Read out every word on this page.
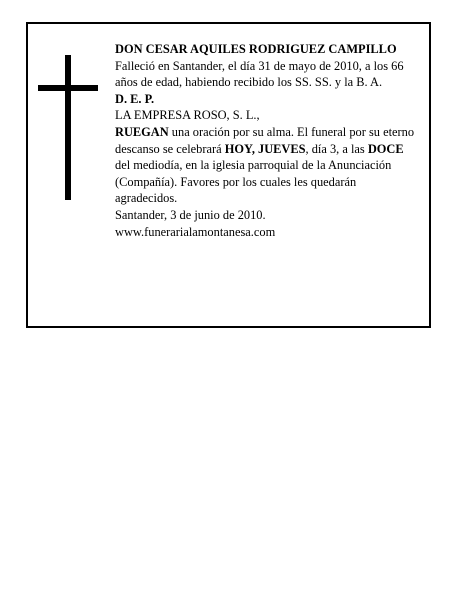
DON CESAR AQUILES RODRIGUEZ CAMPILLO

Falleció en Santander, el día 31 de mayo de 2010, a los 66 años de edad, habiendo recibido los SS. SS. y la B. A.

D. E. P.

LA EMPRESA ROSO, S. L.,

RUEGAN una oración por su alma. El funeral por su eterno descanso se celebrará HOY, JUEVES, día 3, a las DOCE del mediodía, en la iglesia parroquial de la Anunciación (Compañía). Favores por los cuales les quedarán agradecidos.

Santander, 3 de junio de 2010.

www.funerarialamontanesa.com
